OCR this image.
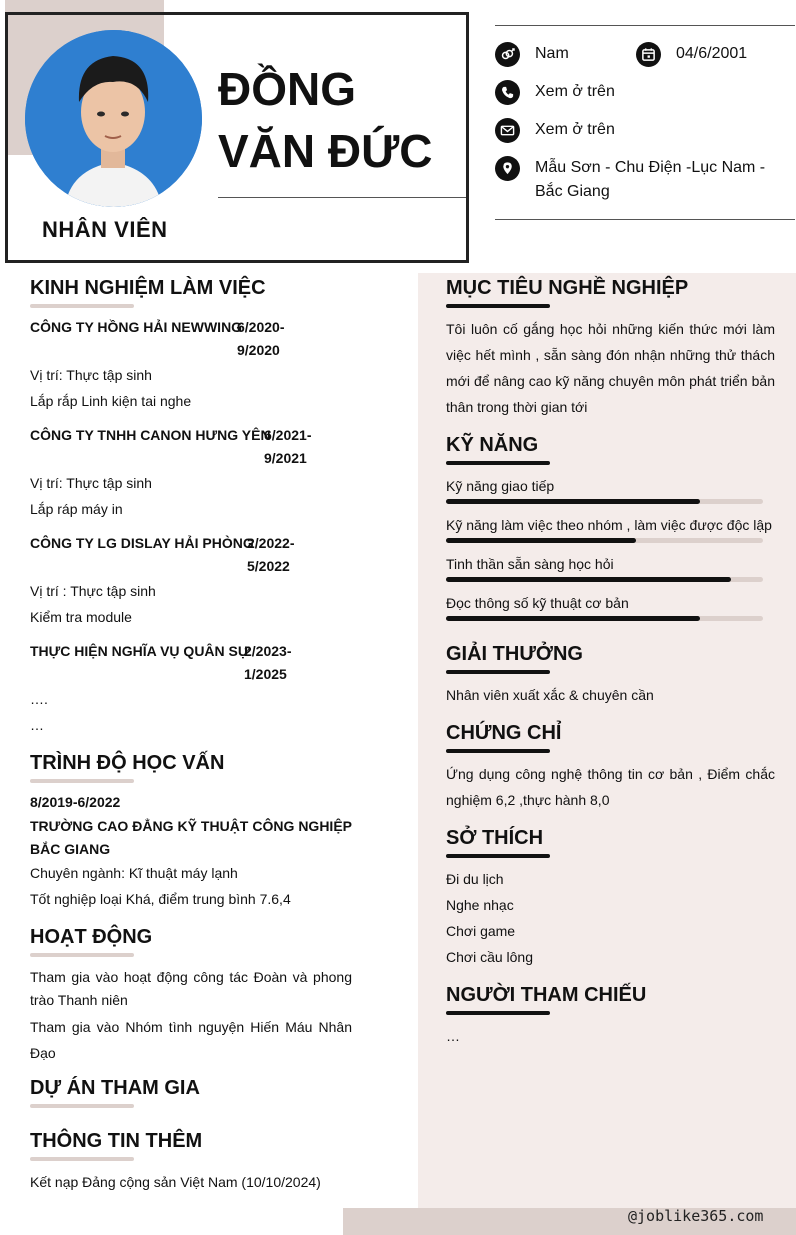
NHÂN VIÊN
ĐỒNG VĂN ĐỨC
Nam	04/6/2001
Xem ở trên
Xem ở trên
Mẫu Sơn - Chu Điện -Lục Nam - Bắc Giang
@joblike365.com
KINH NGHIỆM LÀM VIỆC
CÔNG TY HỒNG HẢI NEWWING
6/2020-
9/2020
Vị trí: Thực tập sinh
Lắp rắp Linh kiện tai nghe
CÔNG TY TNHH CANON HƯNG YÊN
6/2021-
9/2021
Vị trí: Thực tập sinh
Lắp ráp máy in
CÔNG TY LG DISLAY HẢI PHÒNG
2/2022-
5/2022
Vị trí : Thực tập sinh
Kiểm tra module
THỰC HIỆN NGHĨA VỤ QUÂN SỰ
2/2023-
1/2025
….
…
TRÌNH ĐỘ HỌC VẤN
8/2019-6/2022
TRƯỜNG CAO ĐẲNG KỸ THUẬT CÔNG NGHIỆP BẮC GIANG
Chuyên ngành: Kĩ thuật máy lạnh
Tốt nghiệp loại Khá, điểm trung bình 7.6,4
HOẠT ĐỘNG
Tham gia vào hoạt động công tác Đoàn và phong trào Thanh niên
Tham gia vào Nhóm tình nguyện Hiến Máu Nhân Đạo
DỰ ÁN THAM GIA
THÔNG TIN THÊM
Kết nạp Đảng cộng sản Việt Nam (10/10/2024)
MỤC TIÊU NGHỀ NGHIỆP
Tôi luôn cố gắng học hỏi những kiến thức mới làm việc hết mình , sẵn sàng đón nhận những thử thách mới để nâng cao kỹ năng chuyên môn phát triển bản thân trong thời gian tới
KỸ NĂNG
Kỹ năng giao tiếp
Kỹ năng làm việc theo nhóm , làm việc được độc lập
Tinh thần sẵn sàng học hỏi
Đọc thông số kỹ thuật cơ bản
GIẢI THƯỞNG
Nhân viên xuất xắc & chuyên cần
CHỨNG CHỈ
Ứng dụng công nghệ thông tin cơ bản , Điểm chắc nghiệm 6,2 ,thực hành 8,0
SỞ THÍCH
Đi du lịch
Nghe nhạc
Chơi game
Chơi cầu lông
NGƯỜI THAM CHIẾU
…
